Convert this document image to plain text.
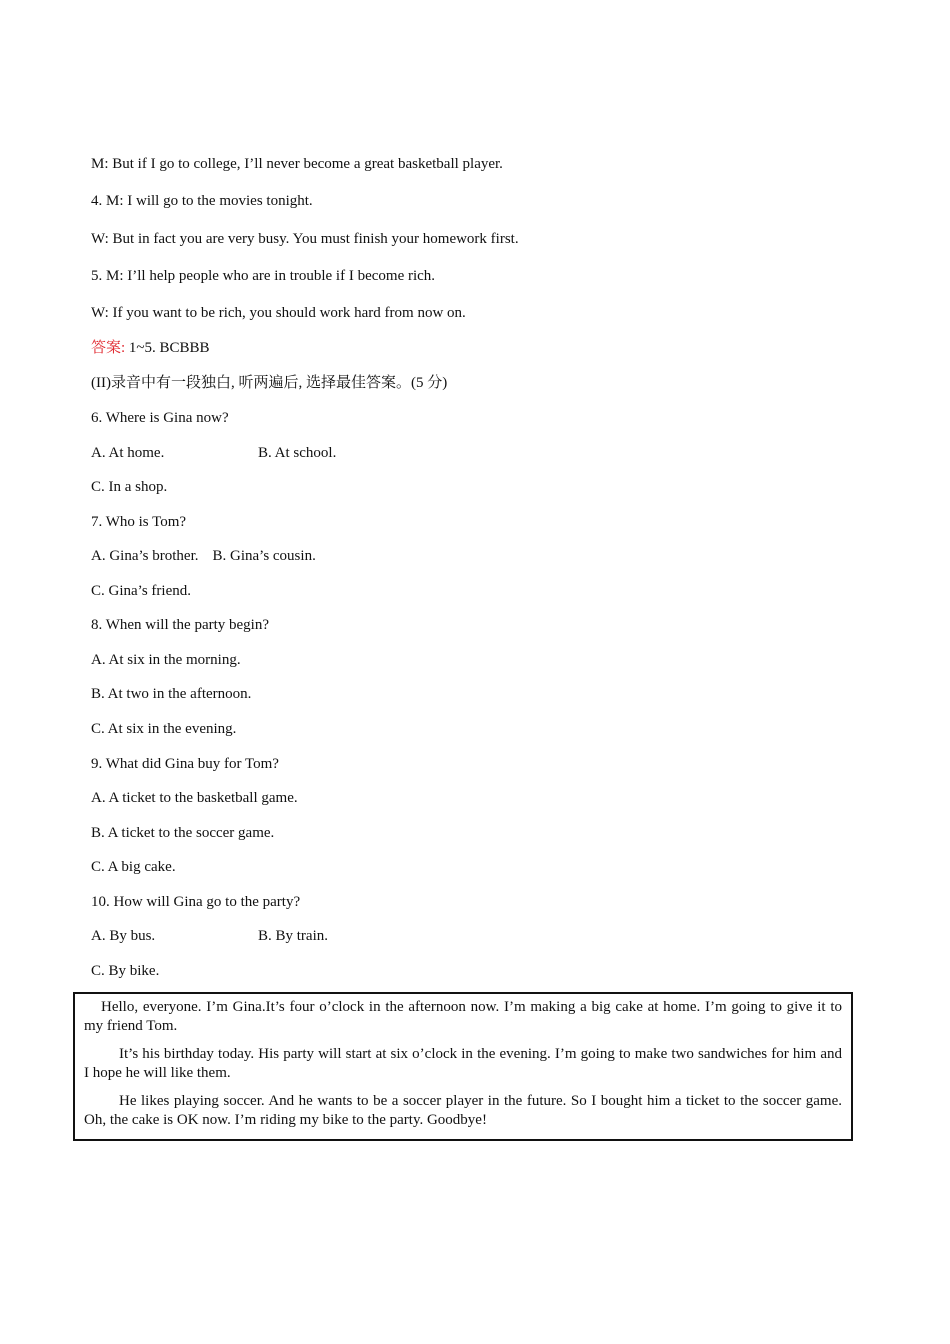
M: But if I go to college, I’ll never become a great basketball player.
4. M: I will go to the movies tonight.
W: But in fact you are very busy. You must finish your homework first.
5. M: I’ll help people who are in trouble if I become rich.
W: If you want to be rich, you should work hard from now on.
答案: 1~5. BCBBB
(II)录音中有一段独白, 听两遍后, 选择最佳答案。(5 分)
6. Where is Gina now?
A. At home.	B. At school.
C. In a shop.
7. Who is Tom?
A. Gina’s brother. B. Gina’s cousin.
C. Gina’s friend.
8. When will the party begin?
A. At six in the morning.
B. At two in the afternoon.
C. At six in the evening.
9. What did Gina buy for Tom?
A. A ticket to the basketball game.
B. A ticket to the soccer game.
C. A big cake.
10. How will Gina go to the party?
A. By bus.	B. By train.
C. By bike.

Hello, everyone. I’m Gina.It’s four o’clock in the afternoon now. I’m making a big cake at home. I’m going to give it to my friend Tom.

It’s his birthday today. His party will start at six o’clock in the evening. I’m going to make two sandwiches for him and I hope he will like them.

He likes playing soccer. And he wants to be a soccer player in the future. So I bought him a ticket to the soccer game. Oh, the cake is OK now. I’m riding my bike to the party. Goodbye!
